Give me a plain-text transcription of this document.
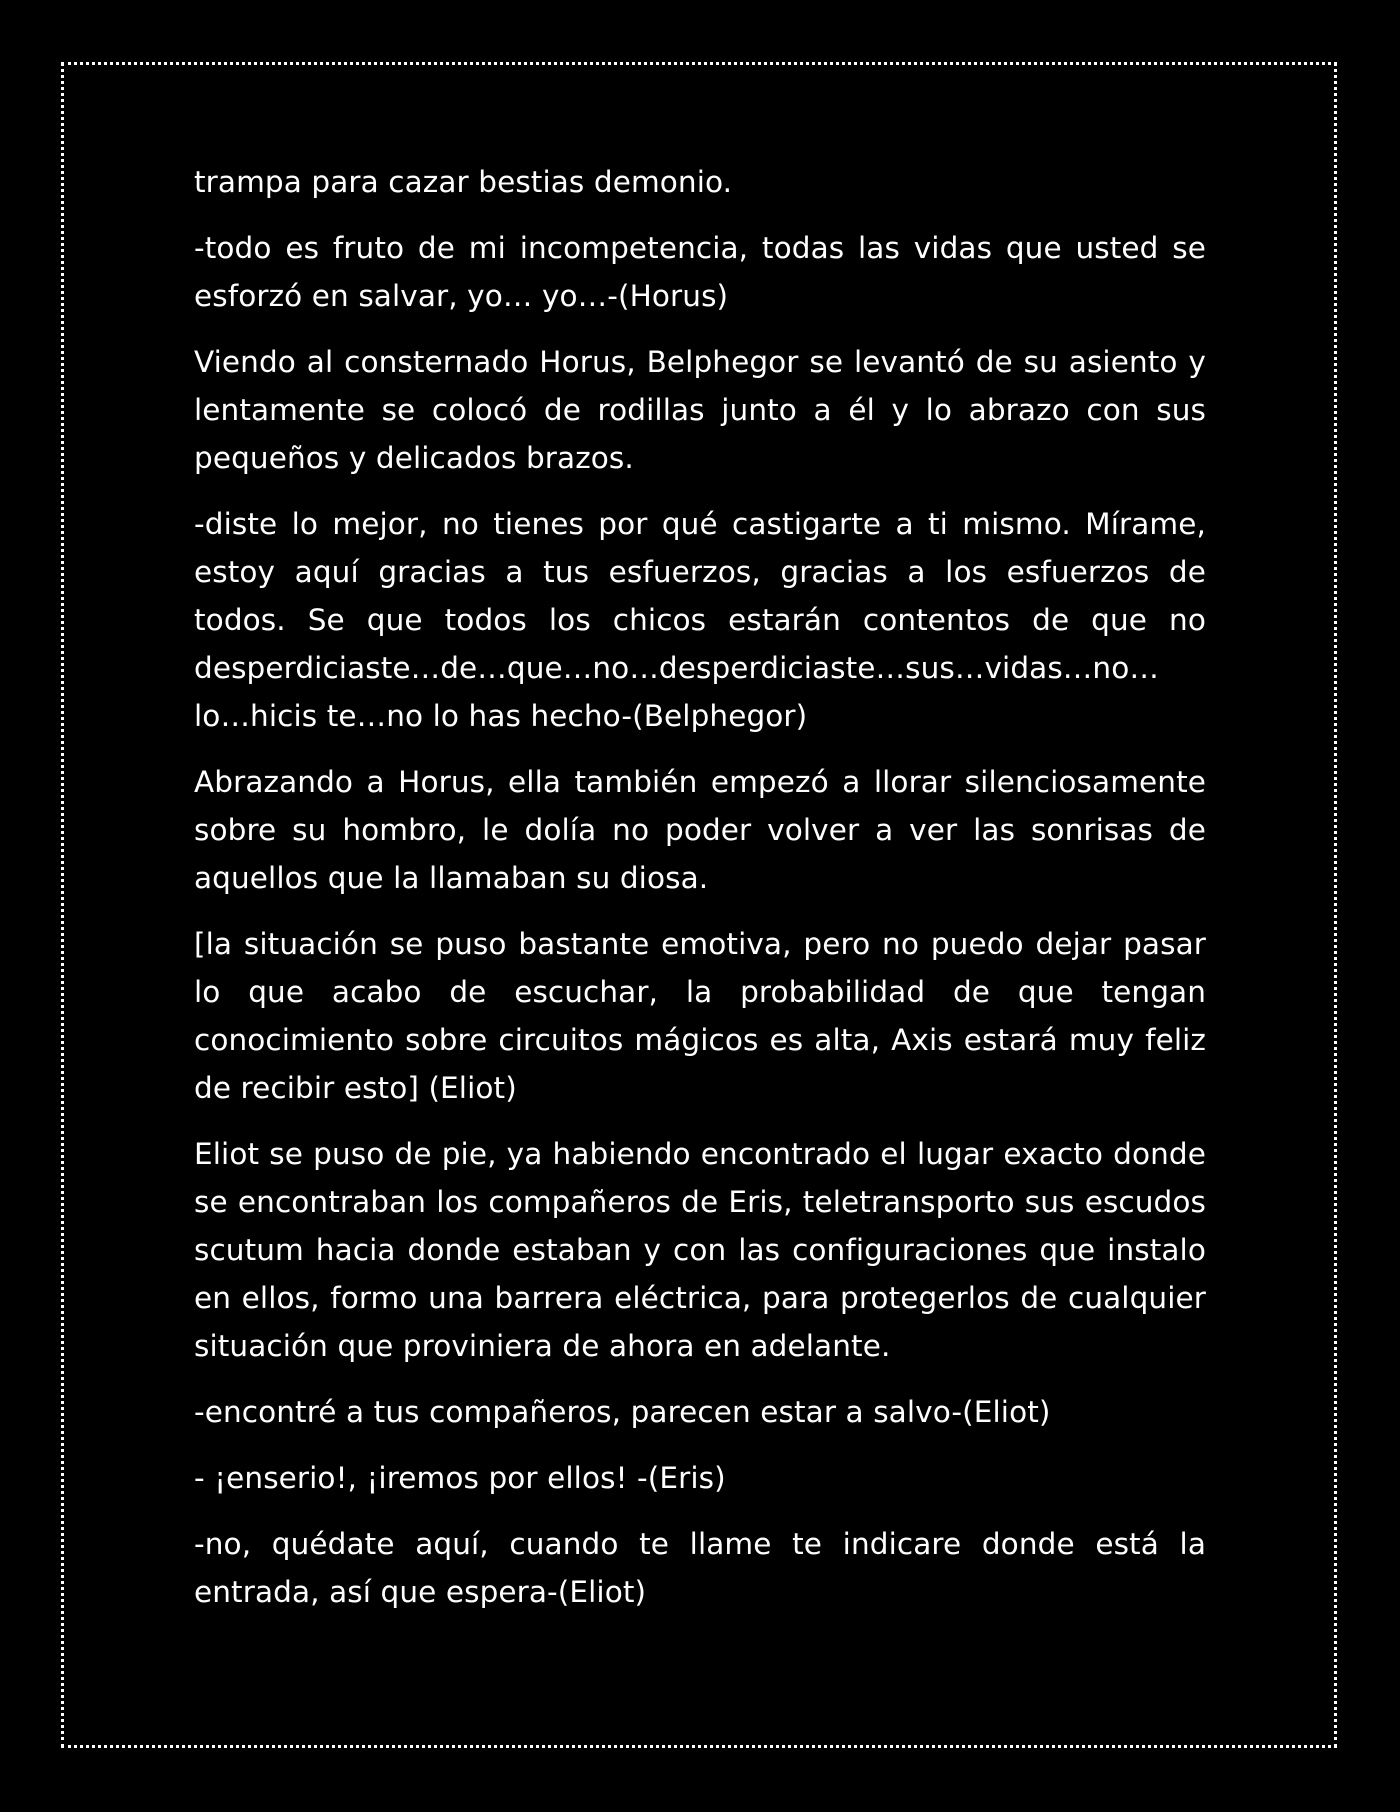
trampa para cazar bestias demonio.

-todo es fruto de mi incompetencia, todas las vidas que usted se esforzó en salvar, yo… yo…-(Horus)

Viendo al consternado Horus, Belphegor se levantó de su asiento y lentamente se colocó de rodillas junto a él y lo abrazo con sus pequeños y delicados brazos.

-diste lo mejor, no tienes por qué castigarte a ti mismo. Mírame, estoy aquí gracias a tus esfuerzos, gracias a los esfuerzos de todos. Se que todos los chicos estarán contentos de que no desperdiciaste…de…que…no…desperdiciaste…sus…vidas…no…lo…hicis te…no lo has hecho-(Belphegor)

Abrazando a Horus, ella también empezó a llorar silenciosamente sobre su hombro, le dolía no poder volver a ver las sonrisas de aquellos que la llamaban su diosa.

[la situación se puso bastante emotiva, pero no puedo dejar pasar lo que acabo de escuchar, la probabilidad de que tengan conocimiento sobre circuitos mágicos es alta, Axis estará muy feliz de recibir esto] (Eliot)

Eliot se puso de pie, ya habiendo encontrado el lugar exacto donde se encontraban los compañeros de Eris, teletransporto sus escudos scutum hacia donde estaban y con las configuraciones que instalo en ellos, formo una barrera eléctrica, para protegerlos de cualquier situación que proviniera de ahora en adelante.

-encontré a tus compañeros, parecen estar a salvo-(Eliot)

- ¡enserio!, ¡iremos por ellos! -(Eris)

-no, quédate aquí, cuando te llame te indicare donde está la entrada, así que espera-(Eliot)
